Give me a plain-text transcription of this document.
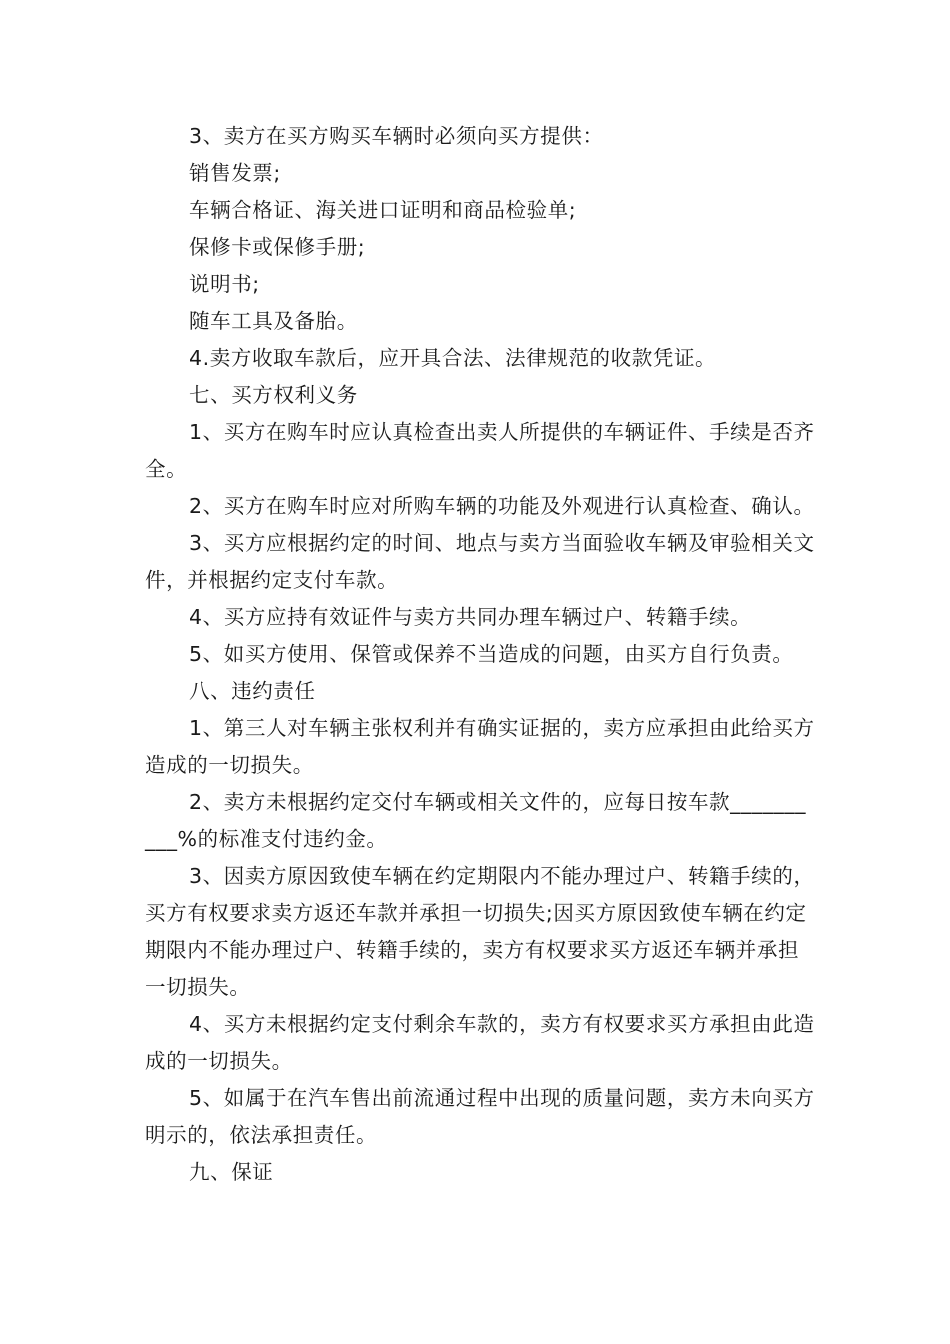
3、卖方在买方购买车辆时必须向买方提供：

销售发票;

车辆合格证、海关进口证明和商品检验单;

保修卡或保修手册;

说明书;

随车工具及备胎。

4.卖方收取车款后，应开具合法、法律规范的收款凭证。

七、买方权利义务

1、买方在购车时应认真检查出卖人所提供的车辆证件、手续是否齐全。

2、买方在购车时应对所购车辆的功能及外观进行认真检查、确认。

3、买方应根据约定的时间、地点与卖方当面验收车辆及审验相关文件，并根据约定支付车款。

4、买方应持有效证件与卖方共同办理车辆过户、转籍手续。

5、如买方使用、保管或保养不当造成的问题，由买方自行负责。

八、违约责任

1、第三人对车辆主张权利并有确实证据的，卖方应承担由此给买方造成的一切损失。

2、卖方未根据约定交付车辆或相关文件的，应每日按车款__________%的标准支付违约金。

3、因卖方原因致使车辆在约定期限内不能办理过户、转籍手续的，买方有权要求卖方返还车款并承担一切损失;因买方原因致使车辆在约定期限内不能办理过户、转籍手续的，卖方有权要求买方返还车辆并承担一切损失。

4、买方未根据约定支付剩余车款的，卖方有权要求买方承担由此造成的一切损失。

5、如属于在汽车售出前流通过程中出现的质量问题，卖方未向买方明示的，依法承担责任。

九、保证
